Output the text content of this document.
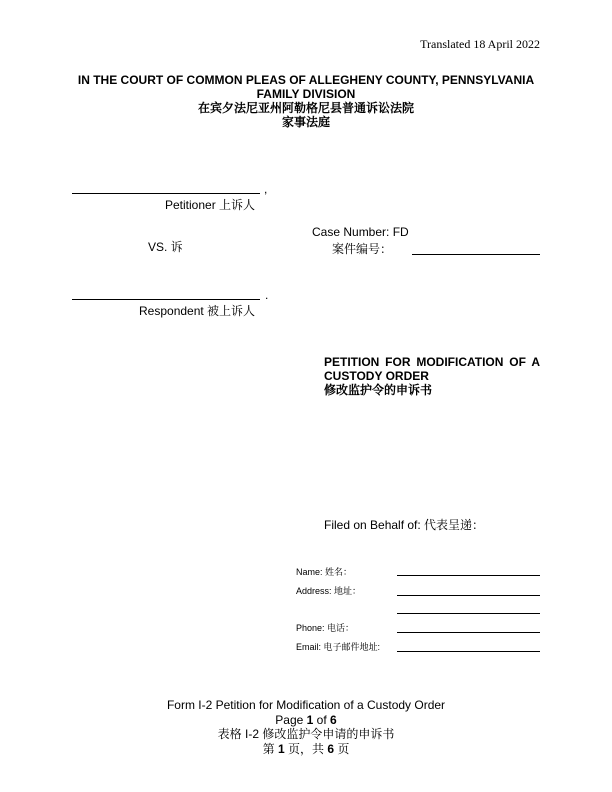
Translated 18 April 2022
IN THE COURT OF COMMON PLEAS OF ALLEGHENY COUNTY, PENNSYLVANIA
FAMILY DIVISION
在宾夕法尼亚州阿勒格尼县普通诉讼法院
家事法庭
,
Petitioner 上诉人
VS. 诉
Case Number: FD
案件编号：
.
Respondent 被上诉人
PETITION FOR MODIFICATION OF A
CUSTODY ORDER
修改监护令的申诉书
Filed on Behalf of: 代表呈递：
Name: 姓名：
Address: 地址：
Phone: 电话：
Email: 电子邮件地址:
Form I-2 Petition for Modification of a Custody Order
Page 1 of 6
表格 I-2 修改监护令申请的申诉书
第 1 页，共 6 页
